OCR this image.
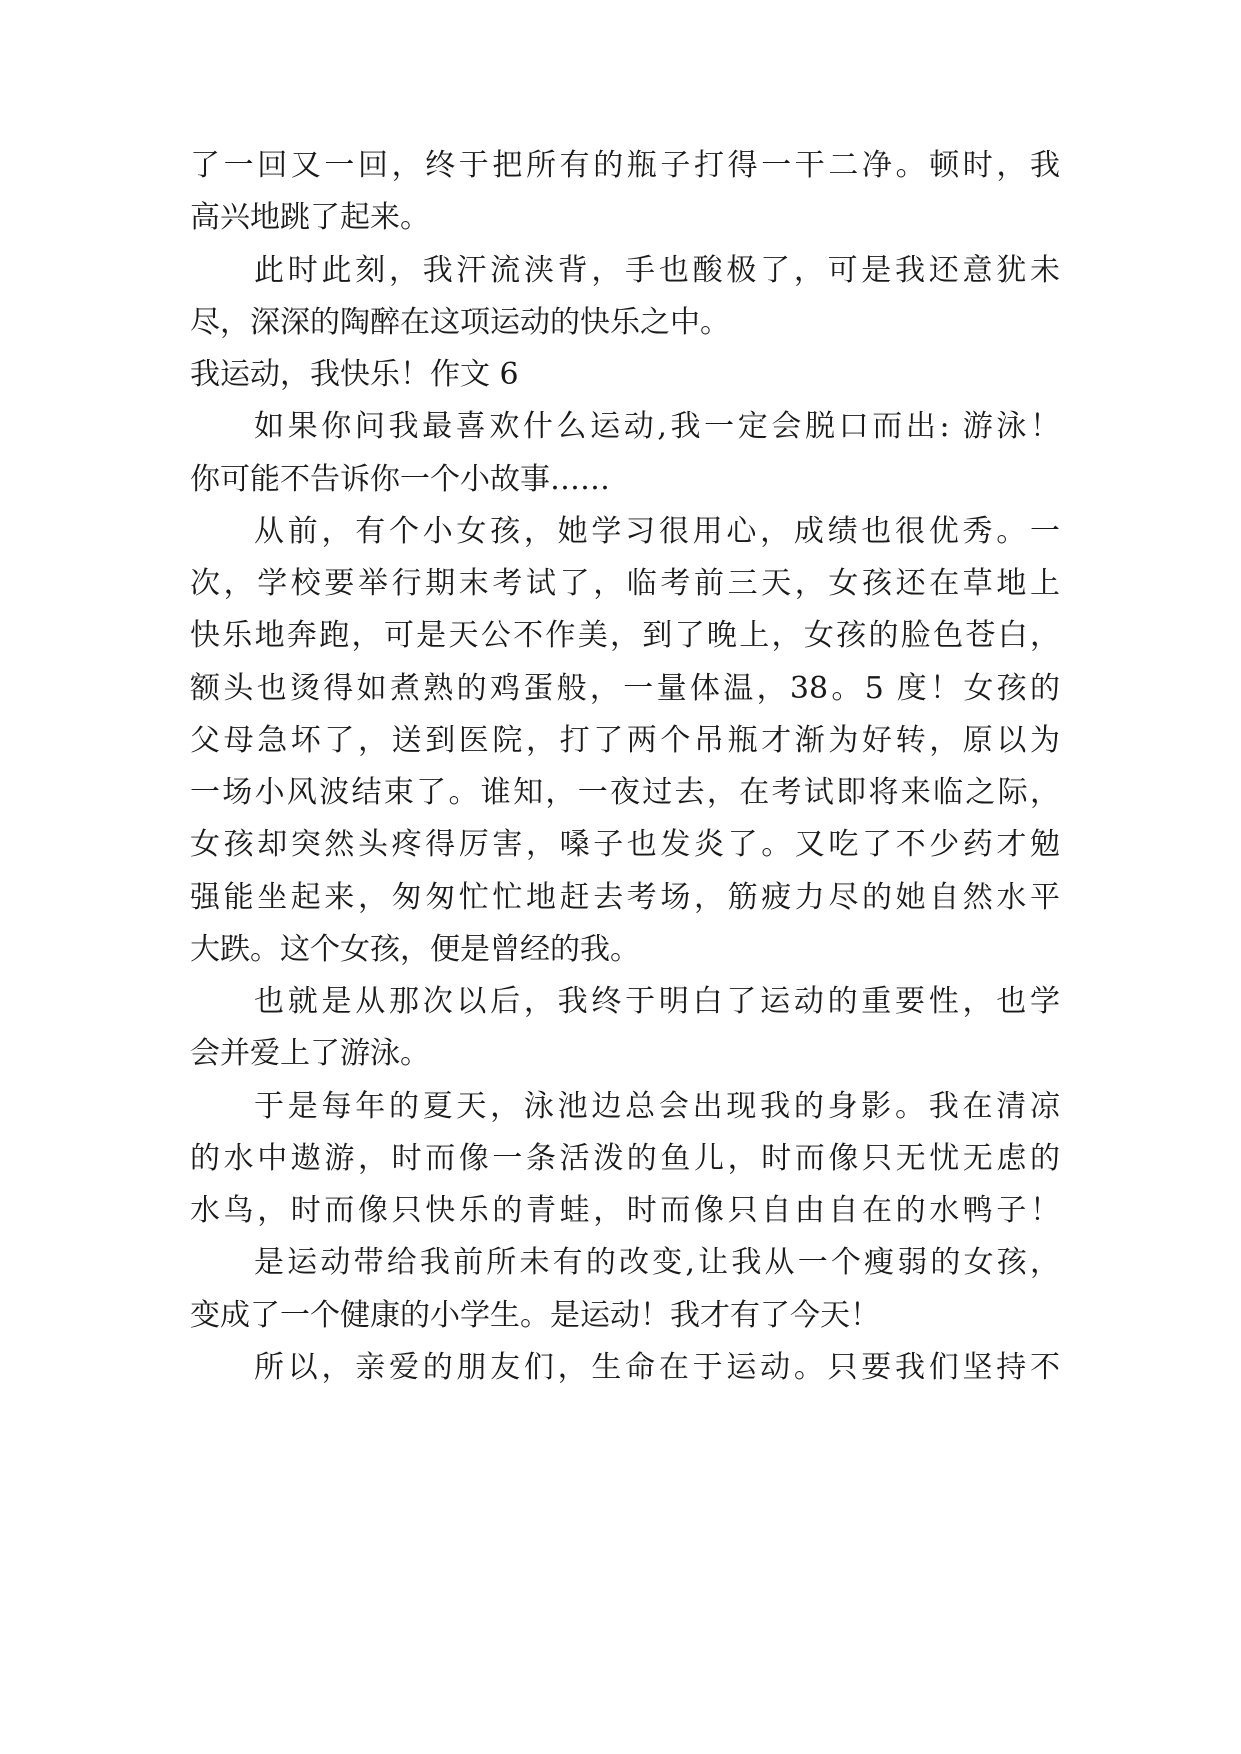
了一回又一回，终于把所有的瓶子打得一干二净。顿时，我
高兴地跳了起来。
此时此刻，我汗流浃背，手也酸极了，可是我还意犹未
尽，深深的陶醉在这项运动的快乐之中。
我运动，我快乐！作文 6
如果你问我最喜欢什么运动,我一定会脱口而出: 游泳！
你可能不告诉你一个小故事……
从前，有个小女孩，她学习很用心，成绩也很优秀。一
次，学校要举行期末考试了，临考前三天，女孩还在草地上
快乐地奔跑，可是天公不作美，到了晚上，女孩的脸色苍白，
额头也烫得如煮熟的鸡蛋般，一量体温，38。5 度！女孩的
父母急坏了，送到医院，打了两个吊瓶才渐为好转，原以为
一场小风波结束了。谁知，一夜过去，在考试即将来临之际，
女孩却突然头疼得厉害，嗓子也发炎了。又吃了不少药才勉
强能坐起来，匆匆忙忙地赶去考场，筋疲力尽的她自然水平
大跌。这个女孩，便是曾经的我。
也就是从那次以后，我终于明白了运动的重要性，也学
会并爱上了游泳。
于是每年的夏天，泳池边总会出现我的身影。我在清凉
的水中遨游，时而像一条活泼的鱼儿，时而像只无忧无虑的
水鸟，时而像只快乐的青蛙，时而像只自由自在的水鸭子！
是运动带给我前所未有的改变,让我从一个瘦弱的女孩，
变成了一个健康的小学生。是运动！我才有了今天！
所以，亲爱的朋友们，生命在于运动。只要我们坚持不
